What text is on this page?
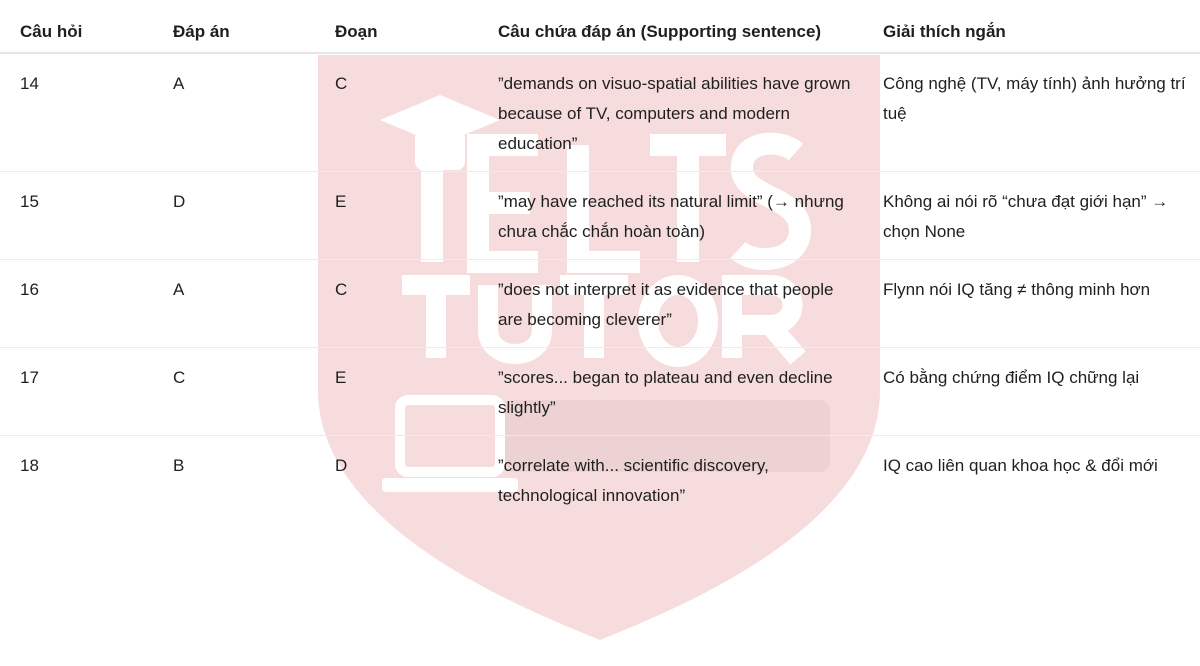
Câu hỏi	Đáp án	Đoạn	Câu chứa đáp án (Supporting sentence)	Giải thích ngắn
14	A	C	”demands on visuo-spatial abilities have grown because of TV, computers and modern education”	Công nghệ (TV, máy tính) ảnh hưởng trí tuệ
15	D	E	”may have reached its natural limit” (→ nhưng chưa chắc chắn hoàn toàn)	Không ai nói rõ “chưa đạt giới hạn” → chọn None
16	A	C	”does not interpret it as evidence that people are becoming cleverer”	Flynn nói IQ tăng ≠ thông minh hơn
17	C	E	”scores... began to plateau and even decline slightly”	Có bằng chứng điểm IQ chững lại
18	B	D	”correlate with... scientific discovery, technological innovation”	IQ cao liên quan khoa học & đổi mới
